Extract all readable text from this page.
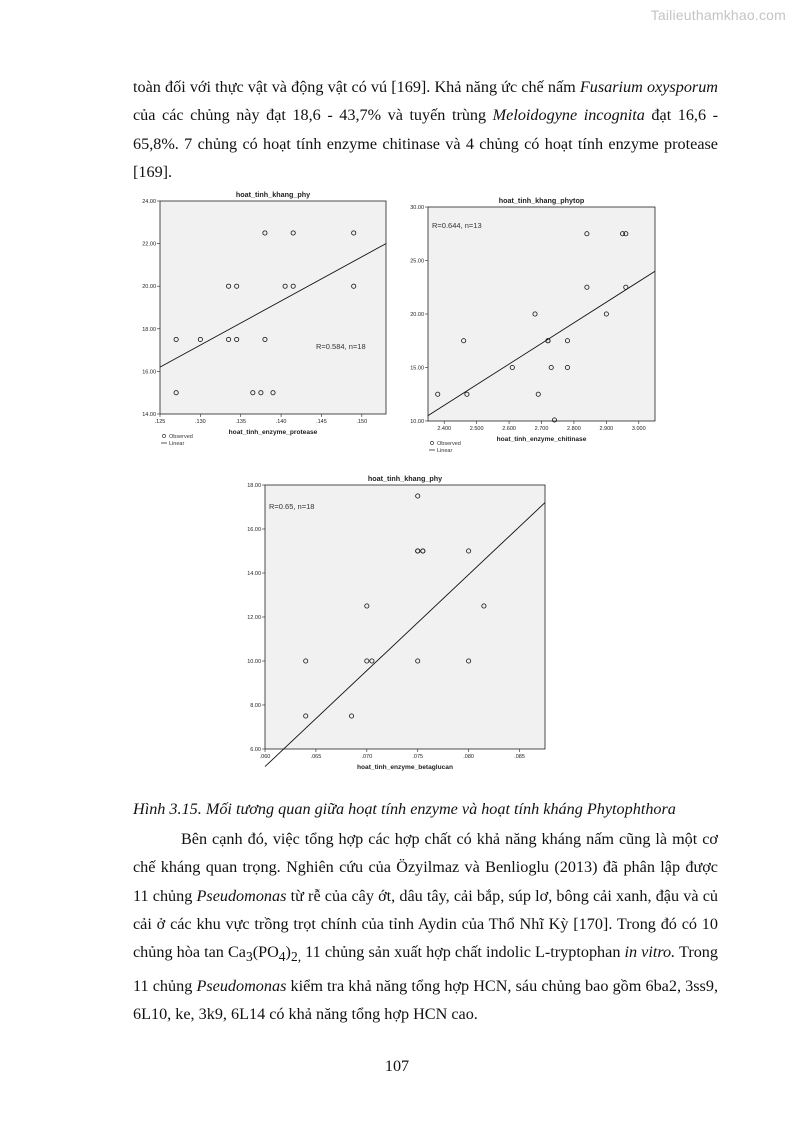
Tailieuthamkhao.com

toàn đối với thực vật và động vật có vú [169]. Khả năng ức chế nấm Fusarium oxysporum của các chủng này đạt 18,6 - 43,7% và tuyến trùng Meloidogyne incognita đạt 16,6 - 65,8%. 7 chủng có hoạt tính enzyme chitinase và 4 chủng có hoạt tính enzyme protease [169].

hoat_tinh_khang_phy
14.00
16.00
18.00
20.00
22.00
24.00
.125	.130	.135	.140	.145	.150
hoat_tinh_enzyme_protease
R=0.584, n=18
Observed
Linear
hoat_tinh_khang_phytop
10.00
15.00
20.00
25.00
30.00
2.400	2.500	2.600	2.700	2.800	2.900	3.000
hoat_tinh_enzyme_chitinase
R=0.644, n=13
Observed
Linear
hoat_tinh_khang_phy
6.00
8.00
10.00
12.00
14.00
16.00
18.00
.060	.065	.070	.075	.080	.085
hoat_tinh_enzyme_betaglucan
R=0.65, n=18
Hình 3.15. Mối tương quan giữa hoạt tính enzyme và hoạt tính kháng Phytophthora

Bên cạnh đó, việc tổng hợp các hợp chất có khả năng kháng nấm cũng là một cơ chế kháng quan trọng. Nghiên cứu của Özyilmaz và Benlioglu (2013) đã phân lập được 11 chủng Pseudomonas từ rễ của cây ớt, dâu tây, cải bắp, súp lơ, bông cải xanh, đậu và củ cải ở các khu vực trồng trọt chính của tỉnh Aydin của Thổ Nhĩ Kỳ [170]. Trong đó có 10 chủng hòa $\tan Ca_3(PO_4)_{2,}$ 11 chủng sản xuất hợp chất indolic L-tryptophan in vitro. Trong 11 chủng Pseudomonas kiểm tra khả năng tổng hợp HCN, sáu chủng bao gồm 6ba2, 3ss9, 6L10, ke, 3k9, 6L14 có khả năng tổng hợp HCN cao.

107
